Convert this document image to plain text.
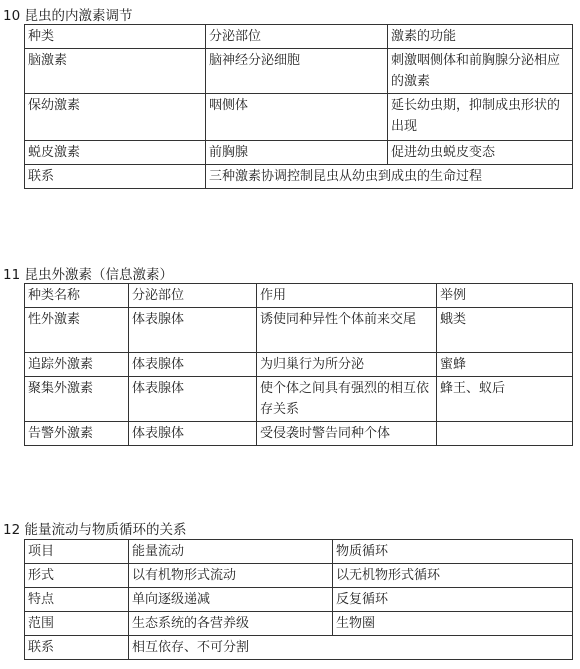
10 昆虫的内激素调节
种类	分泌部位	激素的功能
脑激素	脑神经分泌细胞	刺激咽侧体和前胸腺分泌相应的激素
保幼激素	咽侧体	延长幼虫期，抑制成虫形状的出现
蜕皮激素	前胸腺	促进幼虫蜕皮变态
联系	三种激素协调控制昆虫从幼虫到成虫的生命过程	
11 昆虫外激素（信息激素）
种类名称	分泌部位	作用	举例
性外激素	体表腺体	诱使同种异性个体前来交尾	蛾类
追踪外激素	体表腺体	为归巢行为所分泌	蜜蜂
聚集外激素	体表腺体	使个体之间具有强烈的相互依存关系	蜂王、蚁后
告警外激素	体表腺体	受侵袭时警告同种个体	
12 能量流动与物质循环的关系
项目	能量流动	物质循环
形式	以有机物形式流动	以无机物形式循环
特点	单向逐级递减	反复循环
范围	生态系统的各营养级	生物圈
联系	相互依存、不可分割	
